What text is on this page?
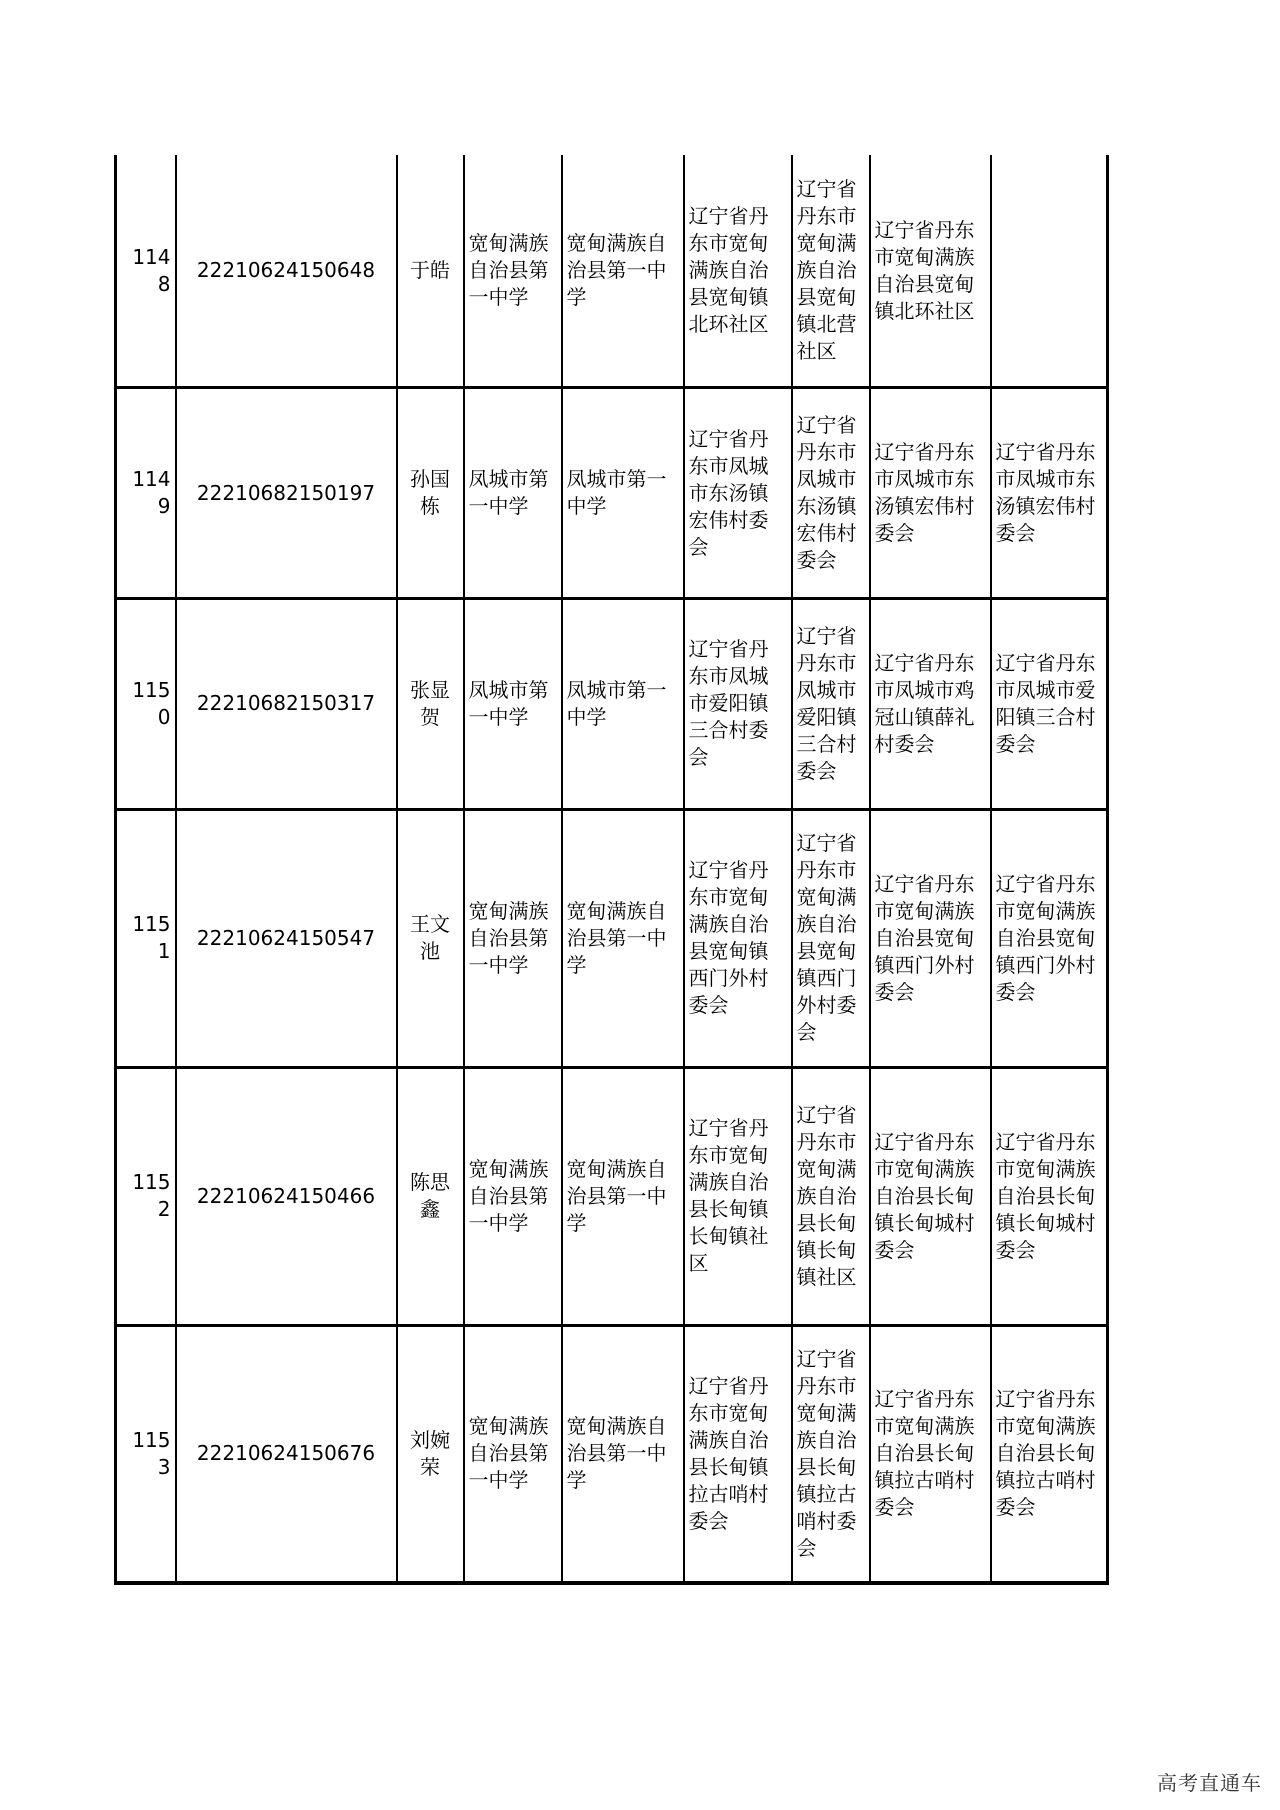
1148	22210624150648	于皓	宽甸满族自治县第一中学	宽甸满族自治县第一中学	辽宁省丹东市宽甸满族自治县宽甸镇北环社区	辽宁省丹东市宽甸满族自治县宽甸镇北营社区	辽宁省丹东市宽甸满族自治县宽甸镇北环社区	
1149	22210682150197	孙国栋	凤城市第一中学	凤城市第一中学	辽宁省丹东市凤城市东汤镇宏伟村委会	辽宁省丹东市凤城市东汤镇宏伟村委会	辽宁省丹东市凤城市东汤镇宏伟村委会	辽宁省丹东市凤城市东汤镇宏伟村委会
1150	22210682150317	张显贺	凤城市第一中学	凤城市第一中学	辽宁省丹东市凤城市爱阳镇三合村委会	辽宁省丹东市凤城市爱阳镇三合村委会	辽宁省丹东市凤城市鸡冠山镇薛礼村委会	辽宁省丹东市凤城市爱阳镇三合村委会
1151	22210624150547	王文池	宽甸满族自治县第一中学	宽甸满族自治县第一中学	辽宁省丹东市宽甸满族自治县宽甸镇西门外村委会	辽宁省丹东市宽甸满族自治县宽甸镇西门外村委会	辽宁省丹东市宽甸满族自治县宽甸镇西门外村委会	辽宁省丹东市宽甸满族自治县宽甸镇西门外村委会
1152	22210624150466	陈思鑫	宽甸满族自治县第一中学	宽甸满族自治县第一中学	辽宁省丹东市宽甸满族自治县长甸镇长甸镇社区	辽宁省丹东市宽甸满族自治县长甸镇长甸镇社区	辽宁省丹东市宽甸满族自治县长甸镇长甸城村委会	辽宁省丹东市宽甸满族自治县长甸镇长甸城村委会
1153	22210624150676	刘婉荣	宽甸满族自治县第一中学	宽甸满族自治县第一中学	辽宁省丹东市宽甸满族自治县长甸镇拉古哨村委会	辽宁省丹东市宽甸满族自治县长甸镇拉古哨村委会	辽宁省丹东市宽甸满族自治县长甸镇拉古哨村委会	辽宁省丹东市宽甸满族自治县长甸镇拉古哨村委会
高考直通车
